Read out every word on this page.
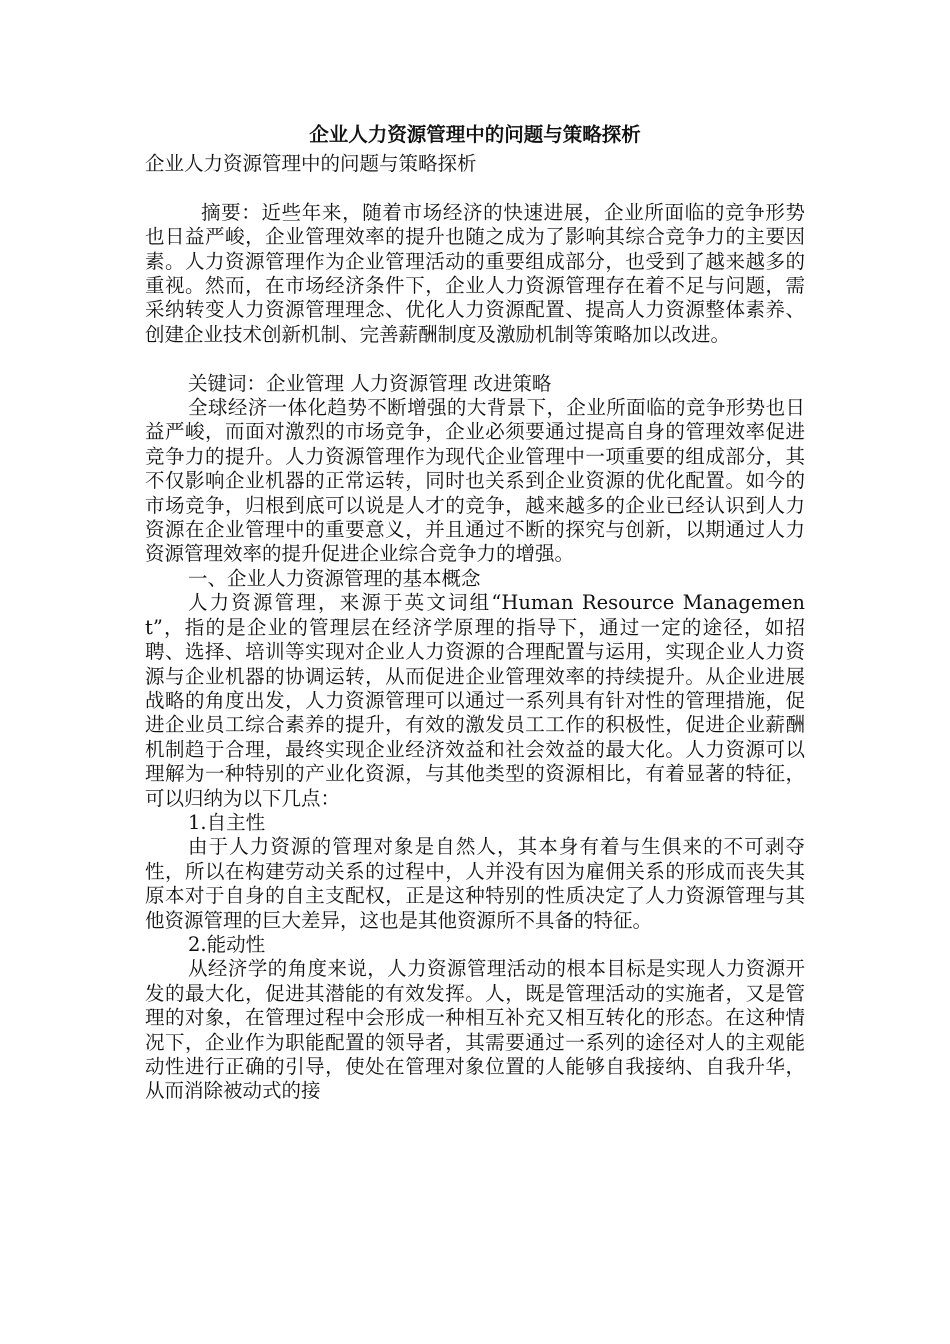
企业人力资源管理中的问题与策略探析

企业人力资源管理中的问题与策略探析

摘要：近些年来，随着市场经济的快速进展，企业所面临的竞争形势也日益严峻，企业管理效率的提升也随之成为了影响其综合竞争力的主要因素。人力资源管理作为企业管理活动的重要组成部分，也受到了越来越多的重视。然而，在市场经济条件下，企业人力资源管理存在着不足与问题，需采纳转变人力资源管理理念、优化人力资源配置、提高人力资源整体素养、创建企业技术创新机制、完善薪酬制度及激励机制等策略加以改进。

关键词：企业管理 人力资源管理 改进策略

全球经济一体化趋势不断增强的大背景下，企业所面临的竞争形势也日益严峻，而面对激烈的市场竞争，企业必须要通过提高自身的管理效率促进竞争力的提升。人力资源管理作为现代企业管理中一项重要的组成部分，其不仅影响企业机器的正常运转，同时也关系到企业资源的优化配置。如今的市场竞争，归根到底可以说是人才的竞争，越来越多的企业已经认识到人力资源在企业管理中的重要意义，并且通过不断的探究与创新，以期通过人力资源管理效率的提升促进企业综合竞争力的增强。

一、企业人力资源管理的基本概念

人力资源管理，来源于英文词组“Human Resource Management”，指的是企业的管理层在经济学原理的指导下，通过一定的途径，如招聘、选择、培训等实现对企业人力资源的合理配置与运用，实现企业人力资源与企业机器的协调运转，从而促进企业管理效率的持续提升。从企业进展战略的角度出发，人力资源管理可以通过一系列具有针对性的管理措施，促进企业员工综合素养的提升，有效的激发员工工作的积极性，促进企业薪酬机制趋于合理，最终实现企业经济效益和社会效益的最大化。人力资源可以理解为一种特别的产业化资源，与其他类型的资源相比，有着显著的特征，可以归纳为以下几点：

1.自主性

由于人力资源的管理对象是自然人，其本身有着与生俱来的不可剥夺性，所以在构建劳动关系的过程中，人并没有因为雇佣关系的形成而丧失其原本对于自身的自主支配权，正是这种特别的性质决定了人力资源管理与其他资源管理的巨大差异，这也是其他资源所不具备的特征。

2.能动性

从经济学的角度来说，人力资源管理活动的根本目标是实现人力资源开发的最大化，促进其潜能的有效发挥。人，既是管理活动的实施者，又是管理的对象，在管理过程中会形成一种相互补充又相互转化的形态。在这种情况下，企业作为职能配置的领导者，其需要通过一系列的途径对人的主观能动性进行正确的引导，使处在管理对象位置的人能够自我接纳、自我升华，从而消除被动式的接
